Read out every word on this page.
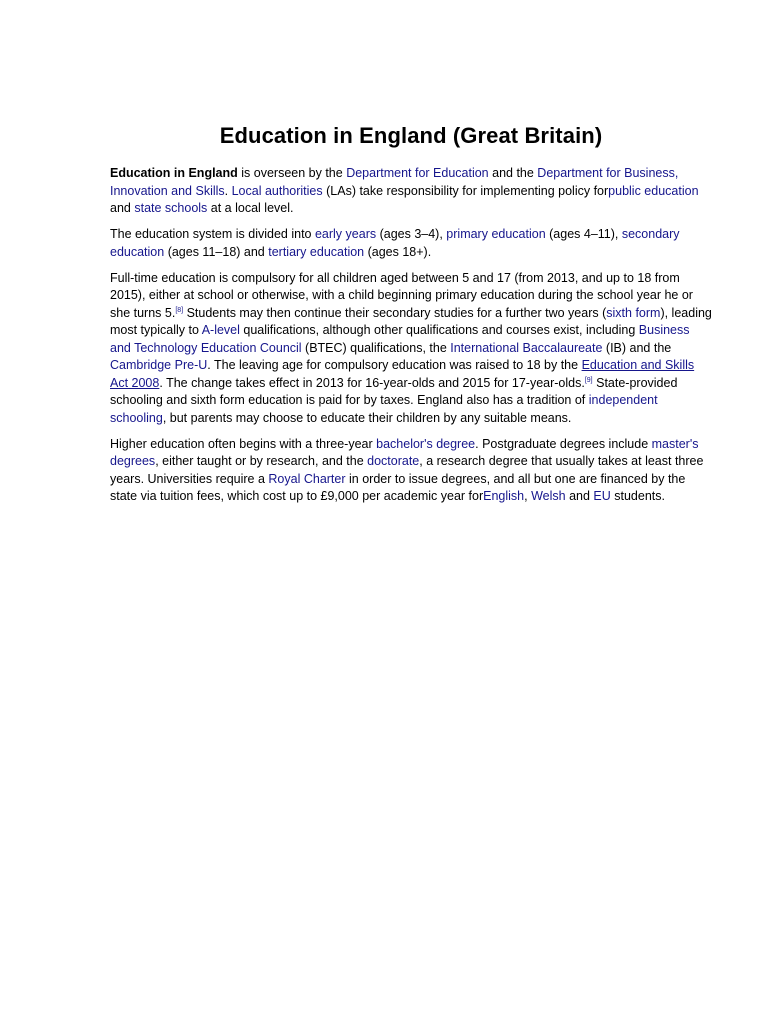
Education in England (Great Britain)

Education in England is overseen by the Department for Education and the Department for Business, Innovation and Skills. Local authorities (LAs) take responsibility for implementing policy forpublic education and state schools at a local level.

The education system is divided into early years (ages 3–4), primary education (ages 4–11), secondary education (ages 11–18) and tertiary education (ages 18+).

Full-time education is compulsory for all children aged between 5 and 17 (from 2013, and up to 18 from 2015), either at school or otherwise, with a child beginning primary education during the school year he or she turns 5.[8] Students may then continue their secondary studies for a further two years (sixth form), leading most typically to A-level qualifications, although other qualifications and courses exist, including Business and Technology Education Council (BTEC) qualifications, the International Baccalaureate (IB) and the Cambridge Pre-U. The leaving age for compulsory education was raised to 18 by the Education and Skills Act 2008. The change takes effect in 2013 for 16-year-olds and 2015 for 17-year-olds.[9] State-provided schooling and sixth form education is paid for by taxes. England also has a tradition of independent schooling, but parents may choose to educate their children by any suitable means.

Higher education often begins with a three-year bachelor's degree. Postgraduate degrees include master's degrees, either taught or by research, and the doctorate, a research degree that usually takes at least three years. Universities require a Royal Charter in order to issue degrees, and all but one are financed by the state via tuition fees, which cost up to £9,000 per academic year forEnglish, Welsh and EU students.
